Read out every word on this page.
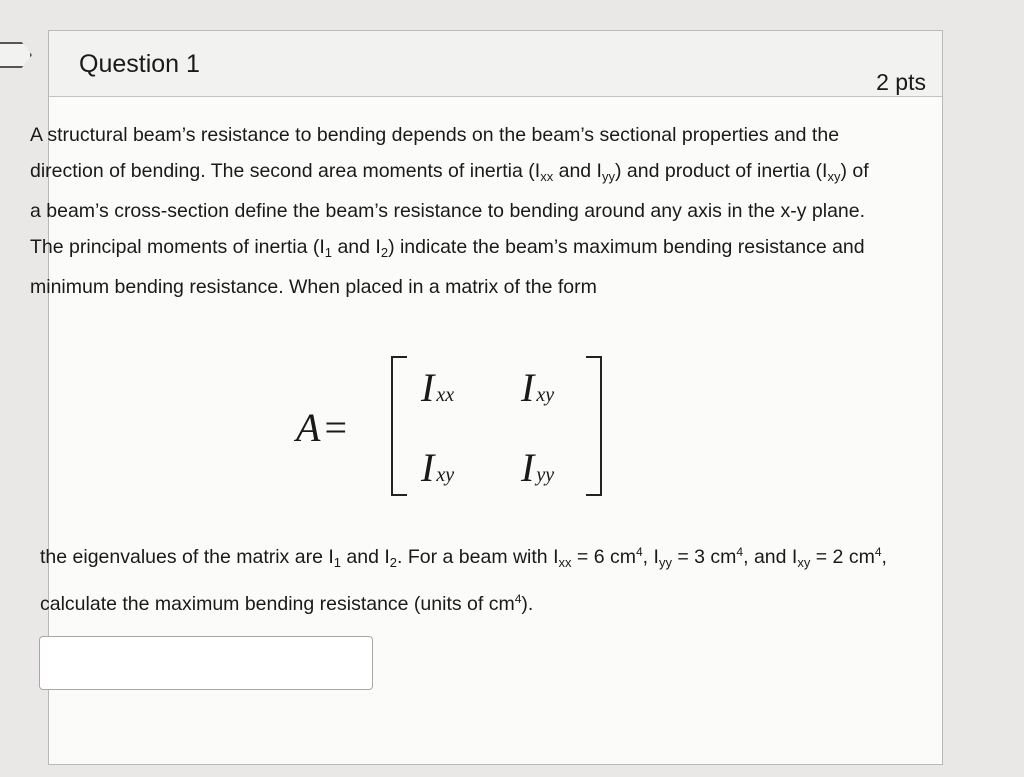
Question 1
2 pts
A structural beam’s resistance to bending depends on the beam’s sectional properties and the direction of bending. The second area moments of inertia ($I_{xx}$ and $I_{yy}$) and product of inertia $(I_{xy})$ of a beam’s cross-section define the beam’s resistance to bending around any axis in the x-y plane. The principal moments of inertia ($I_1$ and $I_2$) indicate the beam’s maximum bending resistance and minimum bending resistance. When placed in a matrix of the form
A =
Ixx Ixy
Ixy Iyy
the eigenvalues of the matrix are $I_1$ and $I_2$. For a beam with $I_{xx} = 6$ $cm^4$, $I_{yy} = 3$ $cm^4$, and $I_{xy} = 2$ $cm^4$, calculate the maximum bending resistance (units of $cm^4$).
